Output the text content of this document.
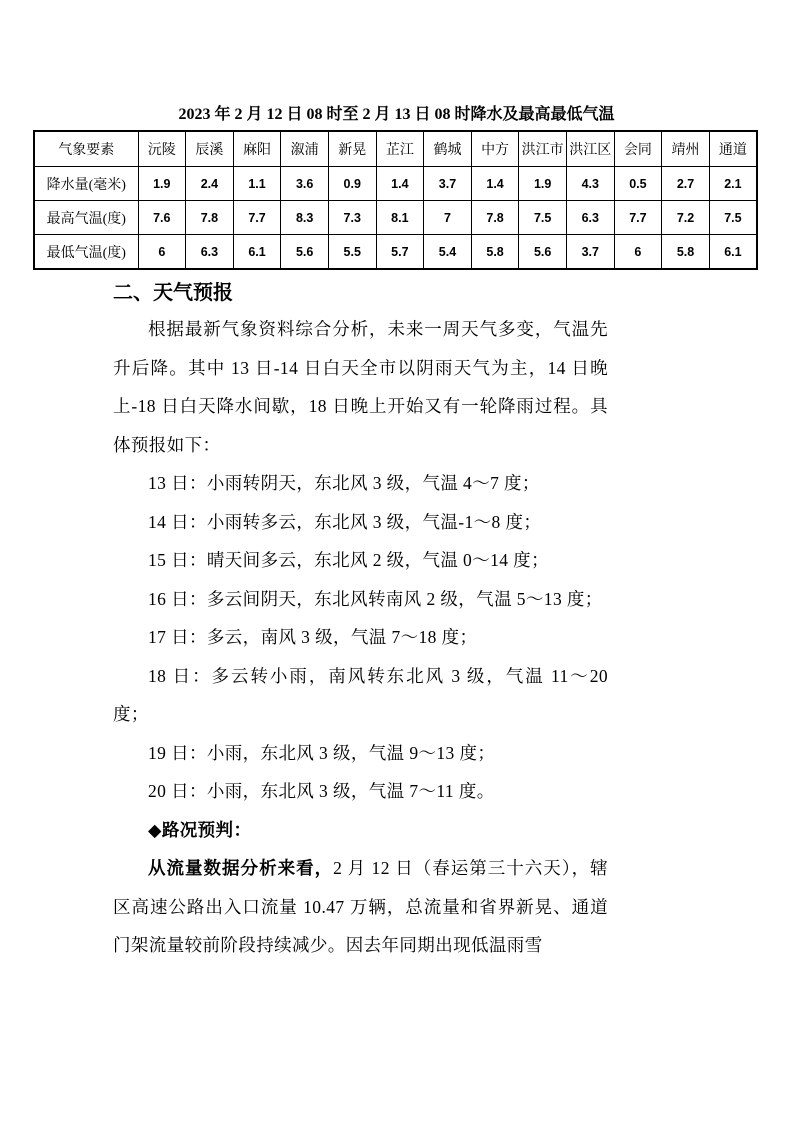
2023 年 2 月 12 日 08 时至 2 月 13 日 08 时降水及最高最低气温

气象要素	沅陵	辰溪	麻阳	溆浦	新晃	芷江	鹤城	中方	洪江市	洪江区	会同	靖州	通道
降水量(毫米)	1.9	2.4	1.1	3.6	0.9	1.4	3.7	1.4	1.9	4.3	0.5	2.7	2.1
最高气温(度)	7.6	7.8	7.7	8.3	7.3	8.1	7	7.8	7.5	6.3	7.7	7.2	7.5
最低气温(度)	6	6.3	6.1	5.6	5.5	5.7	5.4	5.8	5.6	3.7	6	5.8	6.1
二、天气预报

根据最新气象资料综合分析，未来一周天气多变，气温先升后降。其中 13 日-14 日白天全市以阴雨天气为主，14 日晚上-18 日白天降水间歇，18 日晚上开始又有一轮降雨过程。具体预报如下：

13 日：小雨转阴天，东北风 3 级，气温 4～7 度；

14 日：小雨转多云，东北风 3 级，气温-1～8 度；

15 日：晴天间多云，东北风 2 级，气温 0～14 度；

16 日：多云间阴天，东北风转南风 2 级，气温 5～13 度；

17 日：多云，南风 3 级，气温 7～18 度；

18 日：多云转小雨，南风转东北风 3 级，气温 11～20 度；

19 日：小雨，东北风 3 级，气温 9～13 度；

20 日：小雨，东北风 3 级，气温 7～11 度。

◆路况预判：

从流量数据分析来看，2 月 12 日（春运第三十六天），辖区高速公路出入口流量 10.47 万辆，总流量和省界新晃、通道门架流量较前阶段持续减少。因去年同期出现低温雨雪
